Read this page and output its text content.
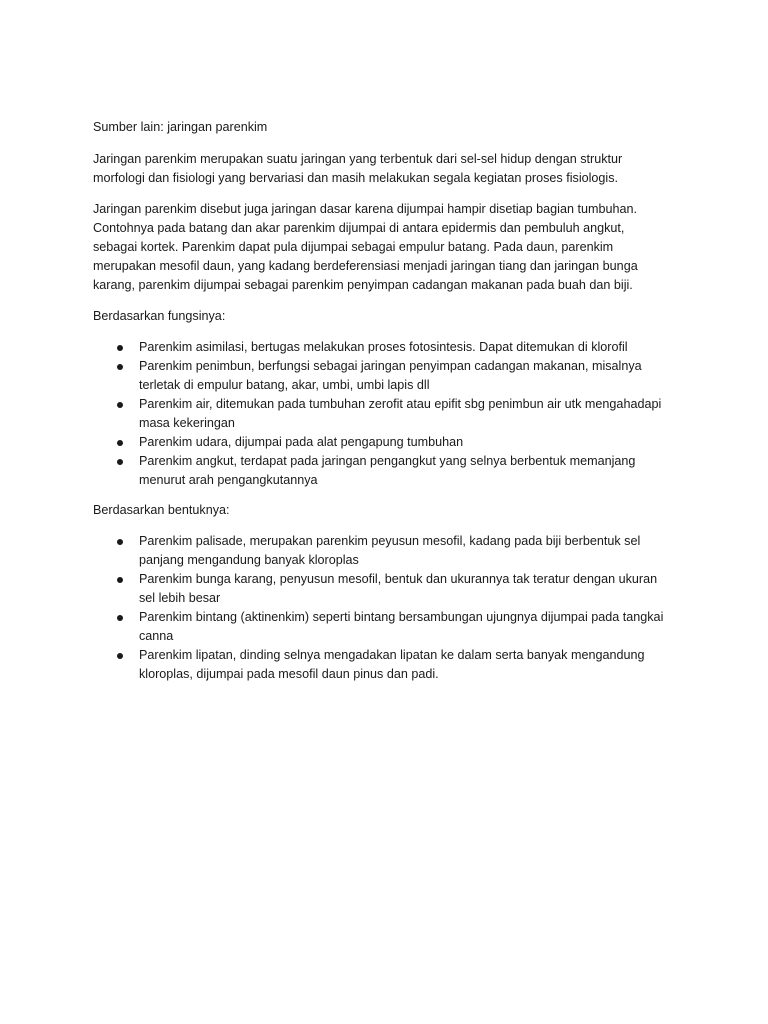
Sumber lain: jaringan parenkim

Jaringan parenkim merupakan suatu jaringan yang terbentuk dari sel-sel hidup dengan struktur morfologi dan fisiologi yang bervariasi dan masih melakukan segala kegiatan proses fisiologis.

Jaringan parenkim disebut juga jaringan dasar karena dijumpai hampir disetiap bagian tumbuhan. Contohnya pada batang dan akar parenkim dijumpai di antara epidermis dan pembuluh angkut, sebagai kortek. Parenkim dapat pula dijumpai sebagai empulur batang. Pada daun, parenkim merupakan mesofil daun, yang kadang berdeferensiasi menjadi jaringan tiang dan jaringan bunga karang, parenkim dijumpai sebagai parenkim penyimpan cadangan makanan pada buah dan biji.

Berdasarkan fungsinya:

Parenkim asimilasi, bertugas melakukan proses fotosintesis. Dapat ditemukan di klorofil
Parenkim penimbun, berfungsi sebagai jaringan penyimpan cadangan makanan, misalnya terletak di empulur batang, akar, umbi, umbi lapis dll
Parenkim air, ditemukan pada tumbuhan zerofit atau epifit sbg penimbun air utk mengahadapi masa kekeringan
Parenkim udara, dijumpai pada alat pengapung tumbuhan
Parenkim angkut, terdapat pada jaringan pengangkut yang selnya berbentuk memanjang menurut arah pengangkutannya

Berdasarkan bentuknya:

Parenkim palisade, merupakan parenkim peyusun mesofil, kadang pada biji berbentuk sel panjang mengandung banyak kloroplas
Parenkim bunga karang, penyusun mesofil, bentuk dan ukurannya tak teratur dengan ukuran sel lebih besar
Parenkim bintang (aktinenkim) seperti bintang bersambungan ujungnya dijumpai pada tangkai canna
Parenkim lipatan, dinding selnya mengadakan lipatan ke dalam serta banyak mengandung kloroplas, dijumpai pada mesofil daun pinus dan padi.
